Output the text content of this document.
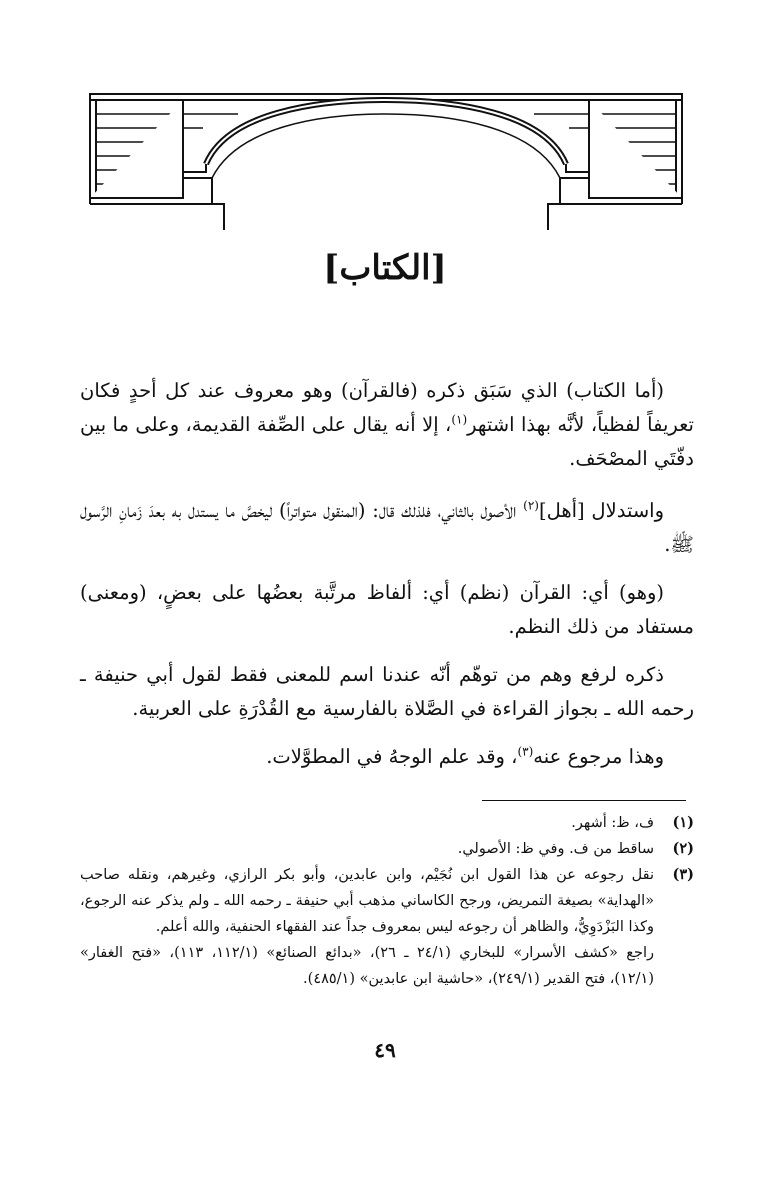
[الكتاب]

(أما الكتاب) الذي سَبَق ذكره (فالقرآن) وهو معروف عند كل أحدٍ فكان تعريفاً لفظياً، لأنَّه بهذا اشتهر$^{(١)}$، إلا أنه يقال على الصِّفة القديمة، وعلى ما بين دفّتَي المصْحَف.

واستدلال [أهل]$^{(٢)}$ الأصول بالثاني، فلذلك قال: (المنقول متواتراً) ليخصَّ ما يستدل به بعدَ زَمانِ الرَّسول ﷺ.

(وهو) أي: القرآن (نظم) أي: ألفاظ مرتَّبة بعضُها على بعضٍ، (ومعنى) مستفاد من ذلك النظم.

ذكره لرفع وهم من توهّم أنّه عندنا اسم للمعنى فقط لقول أبي حنيفة ـ رحمه الله ـ بجواز القراءة في الصَّلاة بالفارسية مع القُدْرَةِ على العربية.

وهذا مرجوع عنه$^{(٣)}$، وقد علم الوجهُ في المطوَّلات.

(١)
ف، ظ: أشهر.
(٢)
ساقط من ف. وفي ظ: الأصولي.
(٣)
نقل رجوعه عن هذا القول ابن نُجَيْم، وابن عابدين، وأبو بكر الرازي، وغيرهم، ونقله صاحب «الهداية» بصيغة التمريض، ورجح الكاساني مذهب أبي حنيفة ـ رحمه الله ـ ولم يذكر عنه الرجوع، وكذا البَزْدَوِيُّ، والظاهر أن رجوعه ليس بمعروف جداً عند الفقهاء الحنفية، والله أعلم.
راجع «كشف الأسرار» للبخاري (٢٤/١ ـ ٢٦)، «بدائع الصنائع» (١١٢/١، ١١٣)، «فتح الغفار» (١٢/١)، فتح القدير (٢٤٩/١)، «حاشية ابن عابدين» (٤٨٥/١).
٤٩
